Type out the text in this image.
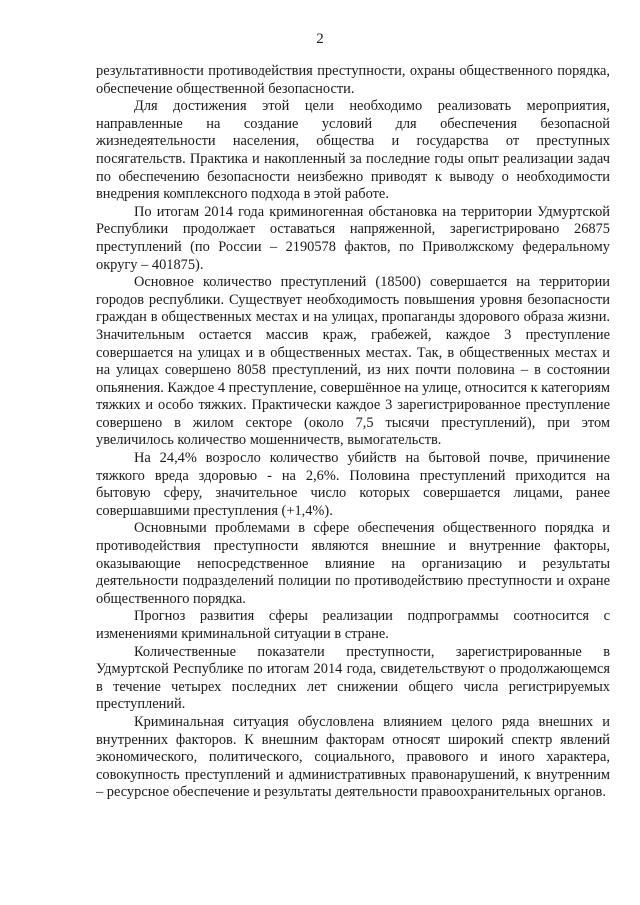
2

результативности противодействия преступности, охраны общественного порядка, обеспечение общественной безопасности.

Для достижения этой цели необходимо реализовать мероприятия, направленные на создание условий для обеспечения безопасной жизнедеятельности населения, общества и государства от преступных посягательств. Практика и накопленный за последние годы опыт реализации задач по обеспечению безопасности неизбежно приводят к выводу о необходимости внедрения комплексного подхода в этой работе.

По итогам 2014 года криминогенная обстановка на территории Удмуртской Республики продолжает оставаться напряженной, зарегистрировано 26875 преступлений (по России – 2190578 фактов, по Приволжскому федеральному округу – 401875).

Основное количество преступлений (18500) совершается на территории городов республики. Существует необходимость повышения уровня безопасности граждан в общественных местах и на улицах, пропаганды здорового образа жизни. Значительным остается массив краж, грабежей, каждое 3 преступление совершается на улицах и в общественных местах. Так, в общественных местах и на улицах совершено 8058 преступлений, из них почти половина – в состоянии опьянения. Каждое 4 преступление, совершённое на улице, относится к категориям тяжких и особо тяжких. Практически каждое 3 зарегистрированное преступление совершено в жилом секторе (около 7,5 тысячи преступлений), при этом увеличилось количество мошенничеств, вымогательств.

На 24,4% возросло количество убийств на бытовой почве, причинение тяжкого вреда здоровью - на 2,6%. Половина преступлений приходится на бытовую сферу, значительное число которых совершается лицами, ранее совершавшими преступления (+1,4%).

Основными проблемами в сфере обеспечения общественного порядка и противодействия преступности являются внешние и внутренние факторы, оказывающие непосредственное влияние на организацию и результаты деятельности подразделений полиции по противодействию преступности и охране общественного порядка.

Прогноз развития сферы реализации подпрограммы соотносится с изменениями криминальной ситуации в стране.

Количественные показатели преступности, зарегистрированные в Удмуртской Республике по итогам 2014 года, свидетельствуют о продолжающемся в течение четырех последних лет снижении общего числа регистрируемых преступлений.

Криминальная ситуация обусловлена влиянием целого ряда внешних и внутренних факторов. К внешним факторам относят широкий спектр явлений экономического, политического, социального, правового и иного характера, совокупность преступлений и административных правонарушений, к внутренним – ресурсное обеспечение и результаты деятельности правоохранительных органов.
